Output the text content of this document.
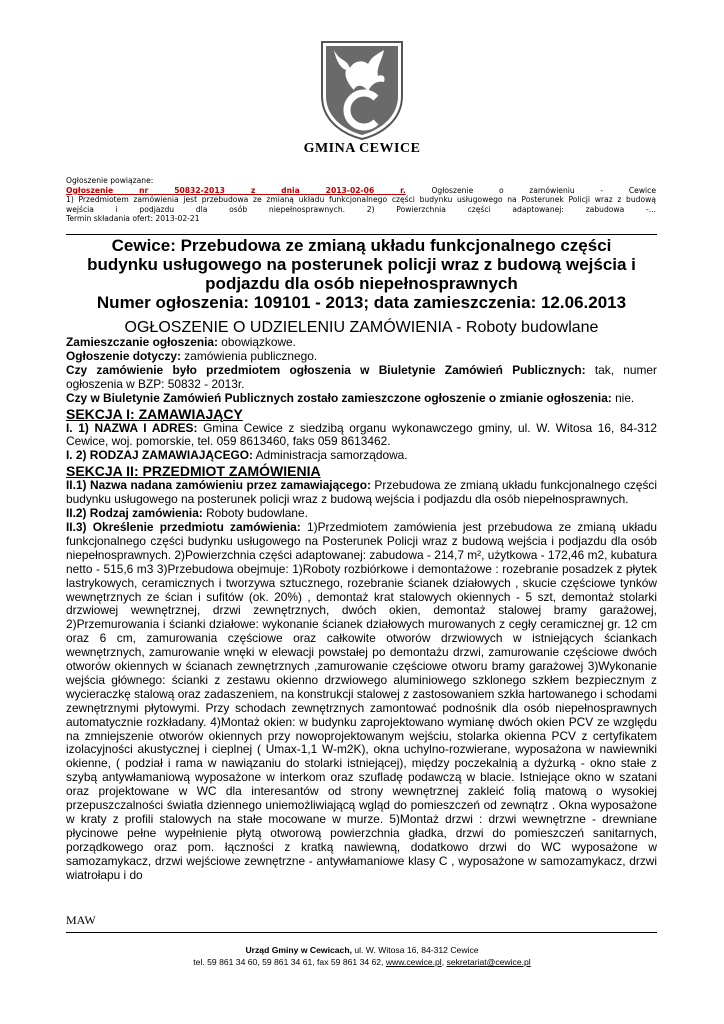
GMINA CEWICE
Ogłoszenie powiązane:
Ogłoszenie nr 50832-2013 z dnia 2013-02-06 r.	Ogłoszenie o zamówieniu - Cewice
1) Przedmiotem zamówienia jest przebudowa ze zmianą układu funkcjonalnego części budynku usługowego na Posterunek Policji wraz z budową
wejścia i podjazdu dla osób niepełnosprawnych. 2) Powierzchnia części adaptowanej: zabudowa -...
Termin składania ofert: 2013-02-21
Cewice: Przebudowa ze zmianą układu funkcjonalnego części
budynku usługowego na posterunek policji wraz z budową wejścia i
podjazdu dla osób niepełnosprawnych
Numer ogłoszenia: 109101 - 2013; data zamieszczenia: 12.06.2013
OGŁOSZENIE O UDZIELENIU ZAMÓWIENIA - Roboty budowlane

Zamieszczanie ogłoszenia: obowiązkowe.

Ogłoszenie dotyczy: zamówienia publicznego.

Czy zamówienie było przedmiotem ogłoszenia w Biuletynie Zamówień Publicznych: tak, numer ogłoszenia w BZP: 50832 - 2013r.

Czy w Biuletynie Zamówień Publicznych zostało zamieszczone ogłoszenie o zmianie ogłoszenia: nie.

SEKCJA I: ZAMAWIAJĄCY

I. 1) NAZWA I ADRES: Gmina Cewice z siedzibą organu wykonawczego gminy, ul. W. Witosa 16, 84-312 Cewice, woj. pomorskie, tel. 059 8613460, faks 059 8613462.

I. 2) RODZAJ ZAMAWIAJĄCEGO: Administracja samorządowa.

SEKCJA II: PRZEDMIOT ZAMÓWIENIA

II.1) Nazwa nadana zamówieniu przez zamawiającego: Przebudowa ze zmianą układu funkcjonalnego części budynku usługowego na posterunek policji wraz z budową wejścia i podjazdu dla osób niepełnosprawnych.

II.2) Rodzaj zamówienia: Roboty budowlane.

II.3) Określenie przedmiotu zamówienia: 1)Przedmiotem zamówienia jest przebudowa ze zmianą układu funkcjonalnego części budynku usługowego na Posterunek Policji wraz z budową wejścia i podjazdu dla osób niepełnosprawnych. 2)Powierzchnia części adaptowanej: zabudowa - 214,7 m², użytkowa - 172,46 m2, kubatura netto - 515,6 m3 3)Przebudowa obejmuje: 1)Roboty rozbiórkowe i demontażowe : rozebranie posadzek z płytek lastrykowych, ceramicznych i tworzywa sztucznego, rozebranie ścianek działowych , skucie częściowe tynków wewnętrznych ze ścian i sufitów (ok. 20%) , demontaż krat stalowych okiennych - 5 szt, demontaż stolarki drzwiowej wewnętrznej, drzwi zewnętrznych, dwóch okien, demontaż stalowej bramy garażowej, 2)Przemurowania i ścianki działowe: wykonanie ścianek działowych murowanych z cegły ceramicznej gr. 12 cm oraz 6 cm, zamurowania częściowe oraz całkowite otworów drzwiowych w istniejących ściankach wewnętrznych, zamurowanie wnęki w elewacji powstałej po demontażu drzwi, zamurowanie częściowe dwóch otworów okiennych w ścianach zewnętrznych ,zamurowanie częściowe otworu bramy garażowej 3)Wykonanie wejścia głównego: ścianki z zestawu okienno drzwiowego aluminiowego szklonego szkłem bezpiecznym z wycieraczkę stalową oraz zadaszeniem, na konstrukcji stalowej z zastosowaniem szkła hartowanego i schodami zewnętrznymi płytowymi. Przy schodach zewnętrznych zamontować podnośnik dla osób niepełnosprawnych automatycznie rozkładany. 4)Montaż okien: w budynku zaprojektowano wymianę dwóch okien PCV ze względu na zmniejszenie otworów okiennych przy nowoprojektowanym wejściu, stolarka okienna PCV z certyfikatem izolacyjności akustycznej i cieplnej ( Umax-1,1 W-m2K), okna uchylno-rozwierane, wyposażona w nawiewniki okienne, ( podział i rama w nawiązaniu do stolarki istniejącej), między poczekalnią a dyżurką - okno stałe z szybą antywłamaniową wyposażone w interkom oraz szufladę podawczą w blacie. Istniejące okno w szatani oraz projektowane w WC dla interesantów od strony wewnętrznej zakleić folią matową o wysokiej przepuszczalności światła dziennego uniemożliwiającą wgląd do pomieszczeń od zewnątrz . Okna wyposażone w kraty z profili stalowych na stałe mocowane w murze. 5)Montaż drzwi : drzwi wewnętrzne - drewniane płycinowe pełne wypełnienie płytą otworową powierzchnia gładka, drzwi do pomieszczeń sanitarnych, porządkowego oraz pom. łączności z kratką nawiewną, dodatkowo drzwi do WC wyposażone w samozamykacz, drzwi wejściowe zewnętrzne - antywłamaniowe klasy C , wyposażone w samozamykacz, drzwi wiatrołapu i do

MAW
Urząd Gminy w Cewicach, ul. W. Witosa 16, 84-312 Cewice
tel. 59 861 34 60, 59 861 34 61, fax 59 861 34 62, www.cewice.pl, sekretariat@cewice.pl
